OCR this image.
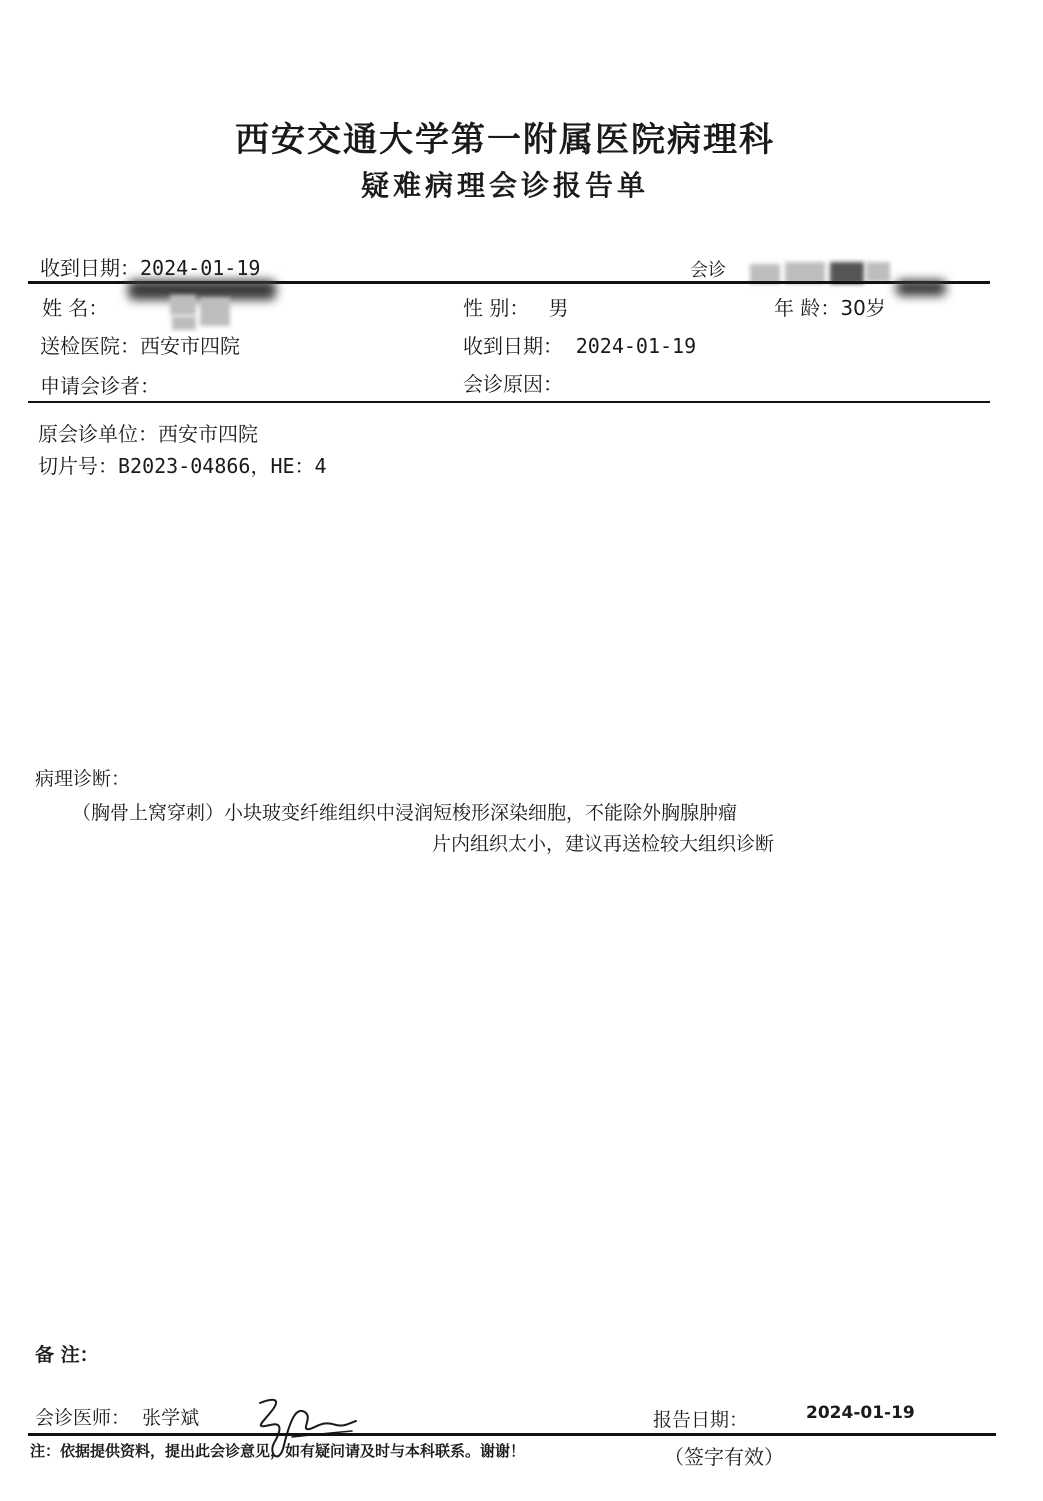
西安交通大学第一附属医院病理科
疑难病理会诊报告单
收到日期：2024-01-19	会诊
姓 名：	性 别： 男	年 龄：30岁
送检医院：西安市四院	收到日期： 2024-01-19
申请会诊者：	会诊原因：
原会诊单位：西安市四院
切片号：B2023-04866，HE：4
病理诊断：
（胸骨上窝穿刺）小块玻变纤维组织中浸润短梭形深染细胞，不能除外胸腺肿瘤
片内组织太小，建议再送检较大组织诊断
备 注：
会诊医师： 张学斌	报告日期：	2024-01-19
注：依据提供资料，提出此会诊意见，如有疑问请及时与本科联系。谢谢！	（签字有效）
